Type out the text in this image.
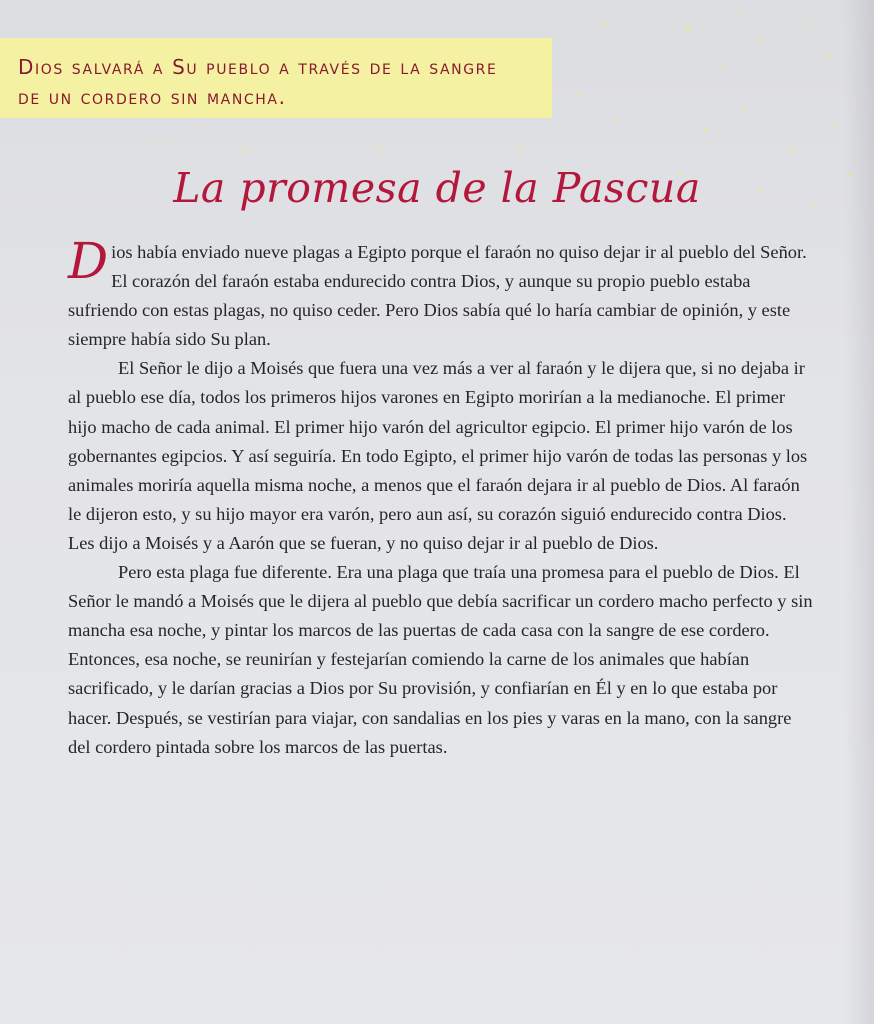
Dios salvará a Su pueblo a través de la sangre
de un cordero sin mancha.

La promesa de la Pascua

Dios había enviado nueve plagas a Egipto porque el faraón no quiso dejar ir al pueblo del Señor. El corazón del faraón estaba endurecido contra Dios, y aunque su propio pueblo estaba sufriendo con estas plagas, no quiso ceder. Pero Dios sabía qué lo haría cambiar de opinión, y este siempre había sido Su plan.

El Señor le dijo a Moisés que fuera una vez más a ver al faraón y le dijera que, si no dejaba ir al pueblo ese día, todos los primeros hijos varones en Egipto morirían a la medianoche. El primer hijo macho de cada animal. El primer hijo varón del agricultor egipcio. El primer hijo varón de los gobernantes egipcios. Y así seguiría. En todo Egipto, el primer hijo varón de todas las personas y los animales moriría aquella misma noche, a menos que el faraón dejara ir al pueblo de Dios. Al faraón le dijeron esto, y su hijo mayor era varón, pero aun así, su corazón siguió endurecido contra Dios. Les dijo a Moisés y a Aarón que se fueran, y no quiso dejar ir al pueblo de Dios.

Pero esta plaga fue diferente. Era una plaga que traía una promesa para el pueblo de Dios. El Señor le mandó a Moisés que le dijera al pueblo que debía sacrificar un cordero macho perfecto y sin mancha esa noche, y pintar los marcos de las puertas de cada casa con la sangre de ese cordero. Entonces, esa noche, se reunirían y festejarían comiendo la carne de los animales que habían sacrificado, y le darían gracias a Dios por Su provisión, y confiarían en Él y en lo que estaba por hacer. Después, se vestirían para viajar, con sandalias en los pies y varas en la mano, con la sangre del cordero pintada sobre los marcos de las puertas.
